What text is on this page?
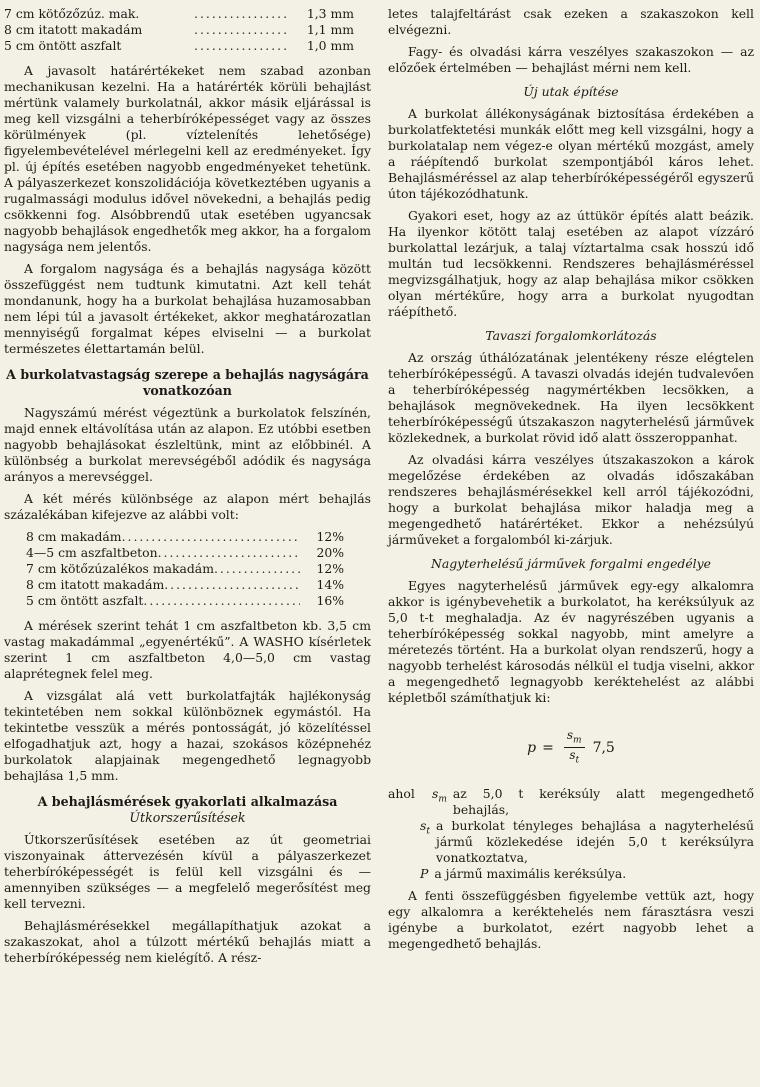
7 cm kötőzőzúz. mak. .....	1,3 mm
8 cm itatott makadám .....	1,1 mm
5 cm öntött aszfalt .....	1,0 mm

A javasolt határértékeket nem szabad azonban mechanikusan kezelni. Ha a határérték körüli behajlást mértünk valamely burkolatnál, akkor másik eljárással is meg kell vizsgálni a teherbíróképességet vagy az összes körülmények (pl. víztelenítés lehetősége) figyelembevételével mérlegelni kell az eredményeket. Így pl. új építés esetében nagyobb engedményeket tehetünk. A pályaszerkezet konszolidációja következtében ugyanis a rugalmassági modulus idővel növekedni, a behajlás pedig csökkenni fog. Alsóbbrendű utak esetében ugyancsak nagyobb behajlások engedhetők meg akkor, ha a forgalom nagysága nem jelentős.

A forgalom nagysága és a behajlás nagysága között összefüggést nem tudtunk kimutatni. Azt kell tehát mondanunk, hogy ha a burkolat behajlása huzamosabban nem lépi túl a javasolt értékeket, akkor meghatározatlan mennyiségű forgalmat képes elviselni — a burkolat természetes élettartamán belül.

A burkolatvastagság szerepe a behajlás nagyságára vonatkozóan

Nagyszámú mérést végeztünk a burkolatok felszínén, majd ennek eltávolítása után az alapon. Ez utóbbi esetben nagyobb behajlásokat észleltünk, mint az előbbinél. A különbség a burkolat merevségéből adódik és nagysága arányos a merevséggel.

A két mérés különbsége az alapon mért behajlás százalékában kifejezve az alábbi volt:

8 cm makadám .....	12%
4—5 cm aszfaltbeton .....	20%
7 cm kötőzúzalékos makadám .....	12%
8 cm itatott makadám .....	14%
5 cm öntött aszfalt .....	16%

A mérések szerint tehát 1 cm aszfaltbeton kb. 3,5 cm vastag makadámmal „egyenértékű”. A WASHO kísérletek szerint 1 cm aszfaltbeton 4,0—5,0 cm vastag alaprétegnek felel meg.

A vizsgálat alá vett burkolatfajták hajlékonyság tekintetében nem sokkal különböznek egymástól. Ha tekintetbe vesszük a mérés pontosságát, jó közelítéssel elfogadhatjuk azt, hogy a hazai, szokásos középnehéz burkolatok alapjainak megengedhető legnagyobb behajlása 1,5 mm.

A behajlásmérések gyakorlati alkalmazása
Útkorszerűsítések

Útkorszerűsítések esetében az út geometriai viszonyainak áttervezésén kívül a pályaszerkezet teherbíróképességét is felül kell vizsgálni és — amennyiben szükséges — a megfelelő megerősítést meg kell tervezni.

Behajlásmérésekkel megállapíthatjuk azokat a szakaszokat, ahol a túlzott mértékű behajlás miatt a teherbíróképesség nem kielégítő. A rész-

letes talajfeltárást csak ezeken a szakaszokon kell elvégezni.

Fagy- és olvadási kárra veszélyes szakaszokon — az előzőek értelmében — behajlást mérni nem kell.

Új utak építése

A burkolat állékonyságának biztosítása érdekében a burkolatfektetési munkák előtt meg kell vizsgálni, hogy a burkolatalap nem végez-e olyan mértékű mozgást, amely a ráépítendő burkolat szempontjából káros lehet. Behajlásméréssel az alap teherbíróképességéről egyszerű úton tájékozódhatunk.

Gyakori eset, hogy az az úttükör építés alatt beázik. Ha ilyenkor kötött talaj esetében az alapot vízzáró burkolattal lezárjuk, a talaj víztartalma csak hosszú idő multán tud lecsökkenni. Rendszeres behajlásméréssel megvizsgálhatjuk, hogy az alap behajlása mikor csökken olyan mértékűre, hogy arra a burkolat nyugodtan ráépíthető.

Tavaszi forgalomkorlátozás

Az ország úthálózatának jelentékeny része elégtelen teherbíróképességű. A tavaszi olvadás idején tudvalevően a teherbíróképesség nagymértékben lecsökken, a behajlások megnövekednek. Ha ilyen lecsökkent teherbíróképességű útszakaszon nagyterhelésű járművek közlekednek, a burkolat rövid idő alatt összeroppanhat.

Az olvadási kárra veszélyes útszakaszokon a károk megelőzése érdekében az olvadás időszakában rendszeres behajlásmérésekkel kell arról tájékozódni, hogy a burkolat behajlása mikor haladja meg a megengedhető határértéket. Ekkor a nehézsúlyú járműveket a forgalomból ki-zárjuk.

Nagyterhelésű járművek forgalmi engedélye

Egyes nagyterhelésű járművek egy-egy alkalomra akkor is igénybevehetik a burkolatot, ha keréksúlyuk az 5,0 t-t meghaladja. Az év nagyrészében ugyanis a teherbíróképesség sokkal nagyobb, mint amelyre a méretezés történt. Ha a burkolat olyan rendszerű, hogy a nagyobb terhelést károsodás nélkül el tudja viselni, akkor a megengedhető legnagyobb keréktehelést az alábbi képletből számíthatjuk ki:

$p = \frac{s_m}{s_t} 7,5$
ahol	$s_m$ az 5,0 t keréksúly alatt megengedhető behajlás,
$s_t$ a burkolat tényleges behajlása a nagyterhelésű jármű közlekedése idején 5,0 t keréksúlyra vonatkoztatva,
P a jármű maximális keréksúlya.

A fenti összefüggésben figyelembe vettük azt, hogy egy alkalomra a keréktehelés nem fárasztásra veszi igénybe a burkolatot, ezért nagyobb lehet a megengedhető behajlás.
